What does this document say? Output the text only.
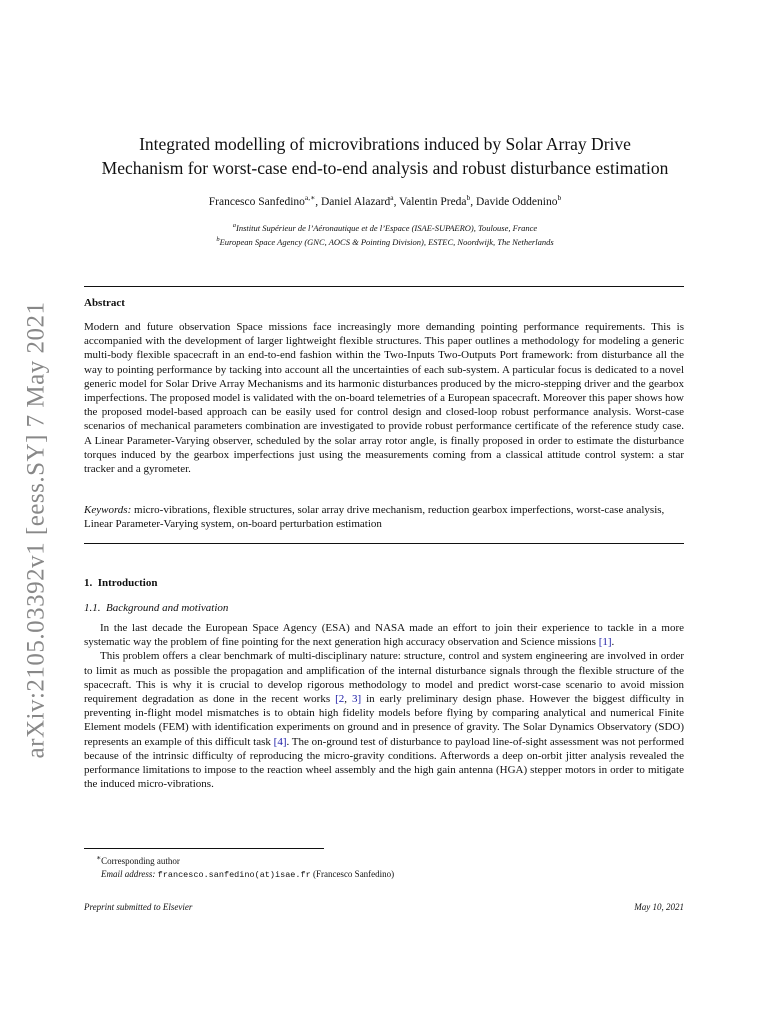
arXiv:2105.03392v1 [eess.SY] 7 May 2021
Integrated modelling of microvibrations induced by Solar Array Drive
Mechanism for worst-case end-to-end analysis and robust disturbance estimation
Francesco Sanfedino$^{a,∗}$, Daniel Alazard$^a$, Valentin Preda$^b$, Davide Oddenino$^b$
$^a$Institut Supérieur de l’Aéronautique et de l’Espace (ISAE-SUPAERO), Toulouse, France
$^b$European Space Agency (GNC, AOCS & Pointing Division), ESTEC, Noordwijk, The Netherlands
Abstract
Modern and future observation Space missions face increasingly more demanding pointing performance requirements. This is accompanied with the development of larger lightweight flexible structures. This paper outlines a methodology for modeling a generic multi-body flexible spacecraft in an end-to-end fashion within the Two-Inputs Two-Outputs Port framework: from disturbance all the way to pointing performance by tacking into account all the uncertainties of each sub-system. A particular focus is dedicated to a novel generic model for Solar Drive Array Mechanisms and its harmonic disturbances produced by the micro-stepping driver and the gearbox imperfections. The proposed model is validated with the on-board telemetries of a European spacecraft. Moreover this paper shows how the proposed model-based approach can be easily used for control design and closed-loop robust performance analysis. Worst-case scenarios of mechanical parameters combination are investigated to provide robust performance certificate of the reference study case. A Linear Parameter-Varying observer, scheduled by the solar array rotor angle, is finally proposed in order to estimate the disturbance torques induced by the gearbox imperfections just using the measurements coming from a classical attitude control system: a star tracker and a gyrometer.
Keywords: micro-vibrations, flexible structures, solar array drive mechanism, reduction gearbox imperfections, worst-case analysis, Linear Parameter-Varying system, on-board perturbation estimation
1. Introduction
1.1. Background and motivation

In the last decade the European Space Agency (ESA) and NASA made an effort to join their experience to tackle in a more systematic way the problem of fine pointing for the next generation high accuracy observation and Science missions [1].

This problem offers a clear benchmark of multi-disciplinary nature: structure, control and system engineering are involved in order to limit as much as possible the propagation and amplification of the internal disturbance signals through the flexible structure of the spacecraft. This is why it is crucial to develop rigorous methodology to model and predict worst-case scenario to avoid mission requirement degradation as done in the recent works [2, 3] in early preliminary design phase. However the biggest difficulty in preventing in-flight model mismatches is to obtain high fidelity models before flying by comparing analytical and numerical Finite Element models (FEM) with identification experiments on ground and in presence of gravity. The Solar Dynamics Observatory (SDO) represents an example of this difficult task [4]. The on-ground test of disturbance to payload line-of-sight assessment was not performed because of the intrinsic difficulty of reproducing the micro-gravity conditions. Afterwords a deep on-orbit jitter analysis revealed the performance limitations to impose to the reaction wheel assembly and the high gain antenna (HGA) stepper motors in order to mitigate the induced micro-vibrations.

∗Corresponding author
Email address: francesco.sanfedino(at)isae.fr (Francesco Sanfedino)
Preprint submitted to Elsevier	May 10, 2021
